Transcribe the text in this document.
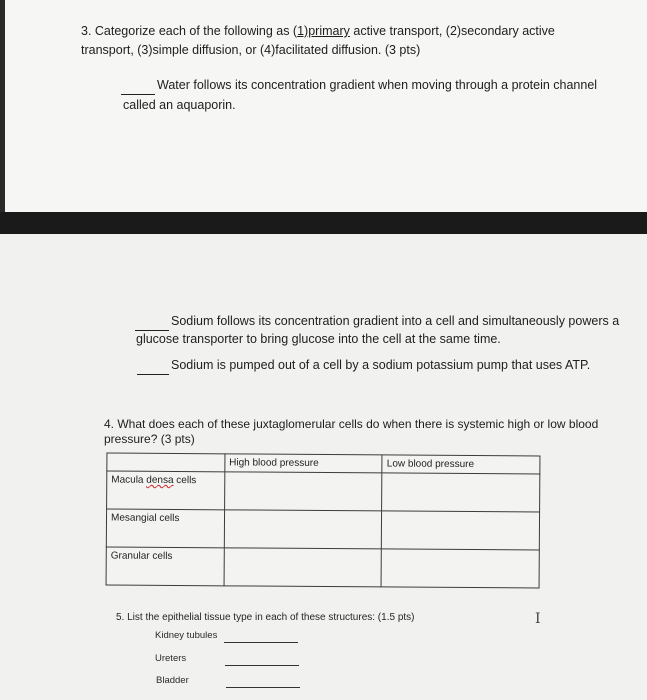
3. Categorize each of the following as (1)primary active transport, (2)secondary active
transport, (3)simple diffusion, or (4)facilitated diffusion. (3 pts)
Water follows its concentration gradient when moving through a protein channel
called an aquaporin.
Sodium follows its concentration gradient into a cell and simultaneously powers a
glucose transporter to bring glucose into the cell at the same time.
Sodium is pumped out of a cell by a sodium potassium pump that uses ATP.
4. What does each of these juxtaglomerular cells do when there is systemic high or low blood
pressure? (3 pts)
	High blood pressure	Low blood pressure
Macula densa cells		
Mesangial cells		
Granular cells		
5. List the epithelial tissue type in each of these structures: (1.5 pts)
Kidney tubules
Ureters
Bladder
I
